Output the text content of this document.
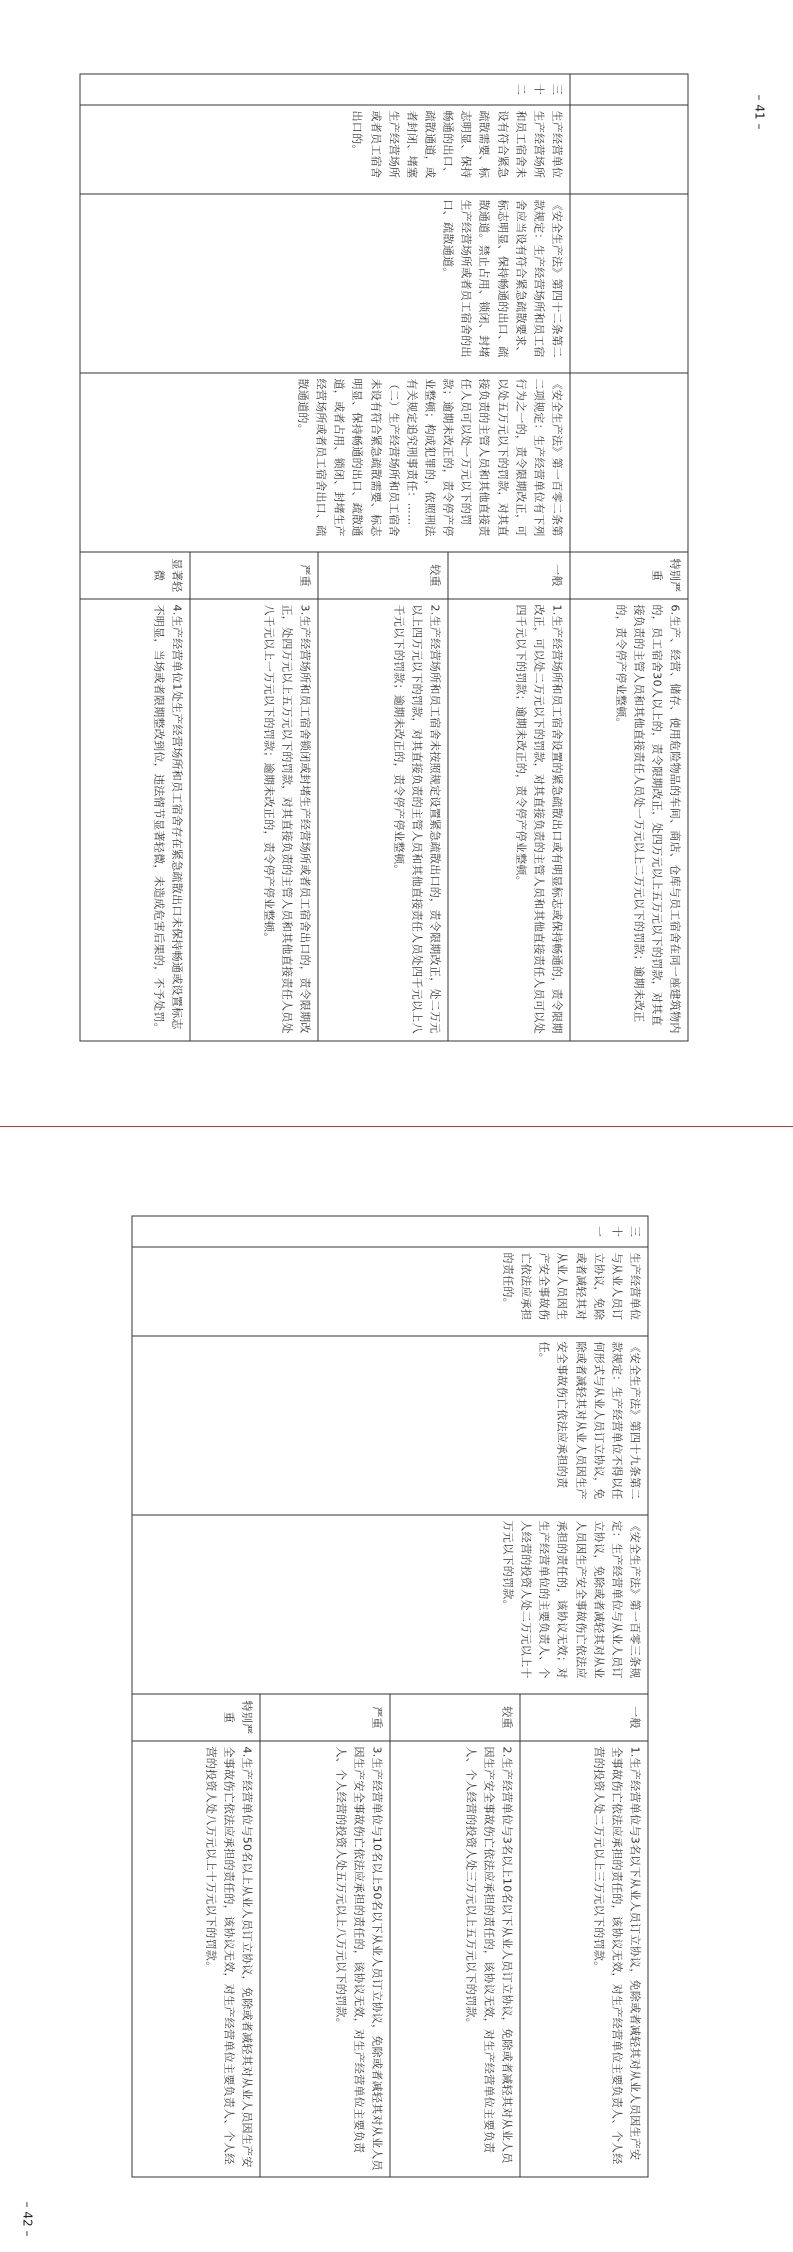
– 41 –
– 42 –
				特别严重	6.生产、经营、储存、使用危险物品的车间、商店、仓库与员工宿舍在同一座建筑物内的，员工宿舍30人以上的，责令限期改正，处四万元以上五万元以下的罚款，对其直接负责的主管人员和其他直接责任人员处一万元以上二万元以下的罚款；逾期未改正的，责令停产停业整顿。
三十二	生产经营单位生产经营场所和员工宿舍未设有符合紧急疏散需要、标志明显、保持畅通的出口、疏散通道，或者封闭、堵塞生产经营场所或者员工宿舍出口的。	《安全生产法》第四十二条第二款规定：生产经营场所和员工宿舍应当设有符合紧急疏散要求、标志明显、保持畅通的出口、疏散通道。禁止占用、锁闭、封堵生产经营场所或者员工宿舍的出口、疏散通道。	《安全生产法》第一百零二条第二项规定：生产经营单位有下列行为之一的，责令限期改正，可以处五万元以下的罚款，对其直接负责的主管人员和其他直接责任人员可以处一万元以下的罚款；逾期未改正的，责令停产停业整顿；构成犯罪的，依照刑法有关规定追究刑事责任：……（二）生产经营场所和员工宿舍未设有符合紧急疏散需要、标志明显、保持畅通的出口、疏散通道，或者占用、锁闭、封堵生产经营场所或者员工宿舍出口、疏散通道的。	一般	1.生产经营场所和员工宿舍设置的紧急疏散出口或有明显标志或保持畅通的，责令限期改正，可以处二万元以下的罚款，对其直接负责的主管人员和其他直接责任人员可以处四千元以下的罚款；逾期未改正的，责令停产停业整顿。
				较重	2.生产经营场所和员工宿舍未按照规定设置紧急疏散出口的，责令限期改正，处二万元以上四万元以下的罚款，对其直接负责的主管人员和其他直接责任人员处四千元以上八千元以下的罚款；逾期未改正的，责令停产停业整顿。
				严重	3.生产经营场所和员工宿舍锁闭或封堵生产经营场所或者员工宿舍出口的，责令限期改正，处四万元以上五万元以下的罚款，对其直接负责的主管人员和其他直接责任人员处八千元以上一万元以下的罚款；逾期未改正的，责令停产停业整顿。
				显著轻微	4.生产经营单位1处生产经营场所和员工宿舍存在紧急疏散出口未保持畅通或设置标志不明显，当场或者限期整改到位，违法情节显著轻微，未造成危害后果的，不予处罚。
三十一	生产经营单位与从业人员订立协议，免除或者减轻其对从业人员因生产安全事故伤亡依法应承担的责任的。	《安全生产法》第四十九条第二款规定：生产经营单位不得以任何形式与从业人员订立协议，免除或者减轻其对从业人员因生产安全事故伤亡依法应承担的责任。	《安全生产法》第一百零三条规定：生产经营单位与从业人员订立协议，免除或者减轻其对从业人员因生产安全事故伤亡依法应承担的责任的，该协议无效；对生产经营单位的主要负责人、个人经营的投资人处二万元以上十万元以下的罚款。	一般	1.生产经营单位与3名以下从业人员订立协议，免除或者减轻其对从业人员因生产安全事故伤亡依法应承担的责任的，该协议无效，对生产经营单位主要负责人、个人经营的投资人处二万元以上三万元以下的罚款。
				较重	2.生产经营单位与3名以上10名以下从业人员订立协议，免除或者减轻其对从业人员因生产安全事故伤亡依法应承担的责任的，该协议无效，对生产经营单位主要负责人、个人经营的投资人处三万元以上五万元以下的罚款。
				严重	3.生产经营单位与10名以上50名以下从业人员订立协议，免除或者减轻其对从业人员因生产安全事故伤亡依法应承担的责任的，该协议无效，对生产经营单位主要负责人、个人经营的投资人处五万元以上八万元以下的罚款。
				特别严重	4.生产经营单位与50名以上从业人员订立协议，免除或者减轻其对从业人员因生产安全事故伤亡依法应承担的责任的，该协议无效，对生产经营单位主要负责人、个人经营的投资人处八万元以上十万元以下的罚款。
